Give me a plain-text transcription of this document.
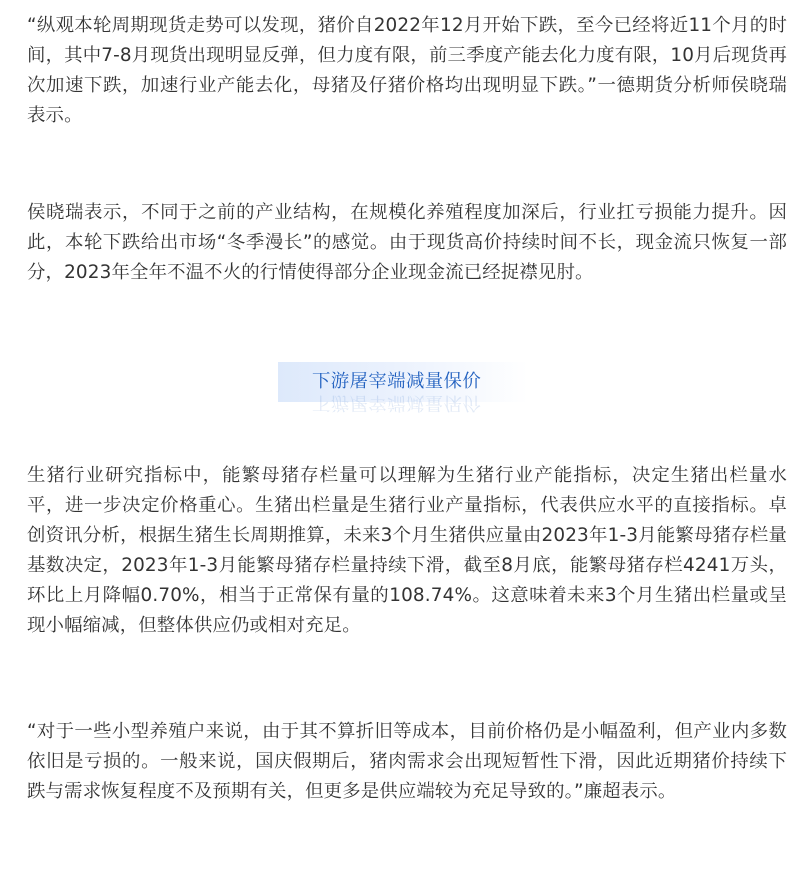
“纵观本轮周期现货走势可以发现，猪价自2022年12月开始下跌，至今已经将近11个月的时间，其中7-8月现货出现明显反弹，但力度有限，前三季度产能去化力度有限，10月后现货再次加速下跌，加速行业产能去化，母猪及仔猪价格均出现明显下跌。”一德期货分析师侯晓瑞表示。

侯晓瑞表示，不同于之前的产业结构，在规模化养殖程度加深后，行业扛亏损能力提升。因此，本轮下跌给出市场“冬季漫长”的感觉。由于现货高价持续时间不长，现金流只恢复一部分，2023年全年不温不火的行情使得部分企业现金流已经捉襟见肘。

生猪行业研究指标中，能繁母猪存栏量可以理解为生猪行业产能指标，决定生猪出栏量水平，进一步决定价格重心。生猪出栏量是生猪行业产量指标，代表供应水平的直接指标。卓创资讯分析，根据生猪生长周期推算，未来3个月生猪供应量由2023年1-3月能繁母猪存栏量基数决定，2023年1-3月能繁母猪存栏量持续下滑，截至8月底，能繁母猪存栏4241万头，环比上月降幅0.70%，相当于正常保有量的108.74%。这意味着未来3个月生猪出栏量或呈现小幅缩减，但整体供应仍或相对充足。

“对于一些小型养殖户来说，由于其不算折旧等成本，目前价格仍是小幅盈利，但产业内多数依旧是亏损的。一般来说，国庆假期后，猪肉需求会出现短暂性下滑，因此近期猪价持续下跌与需求恢复程度不及预期有关，但更多是供应端较为充足导致的。”廉超表示。

下游屠宰端减量保价
下游屠宰端减量保价
